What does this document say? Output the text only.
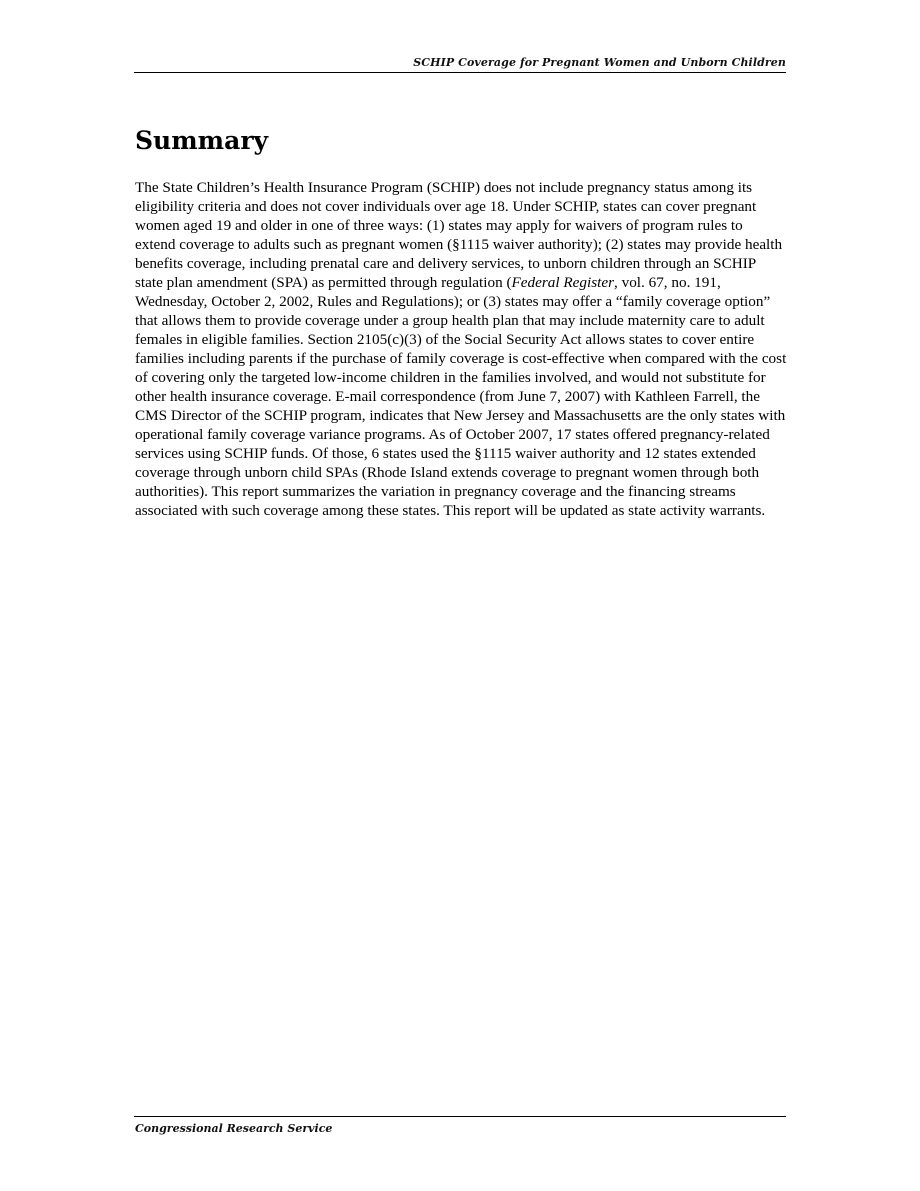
SCHIP Coverage for Pregnant Women and Unborn Children
Summary

The State Children’s Health Insurance Program (SCHIP) does not include pregnancy status among its eligibility criteria and does not cover individuals over age 18. Under SCHIP, states can cover pregnant women aged 19 and older in one of three ways: (1) states may apply for waivers of program rules to extend coverage to adults such as pregnant women (§1115 waiver authority); (2) states may provide health benefits coverage, including prenatal care and delivery services, to unborn children through an SCHIP state plan amendment (SPA) as permitted through regulation (Federal Register, vol. 67, no. 191, Wednesday, October 2, 2002, Rules and Regulations); or (3) states may offer a “family coverage option” that allows them to provide coverage under a group health plan that may include maternity care to adult females in eligible families. Section 2105(c)(3) of the Social Security Act allows states to cover entire families including parents if the purchase of family coverage is cost-effective when compared with the cost of covering only the targeted low-income children in the families involved, and would not substitute for other health insurance coverage. E-mail correspondence (from June 7, 2007) with Kathleen Farrell, the CMS Director of the SCHIP program, indicates that New Jersey and Massachusetts are the only states with operational family coverage variance programs. As of October 2007, 17 states offered pregnancy-related services using SCHIP funds. Of those, 6 states used the §1115 waiver authority and 12 states extended coverage through unborn child SPAs (Rhode Island extends coverage to pregnant women through both authorities). This report summarizes the variation in pregnancy coverage and the financing streams associated with such coverage among these states. This report will be updated as state activity warrants.

Congressional Research Service
